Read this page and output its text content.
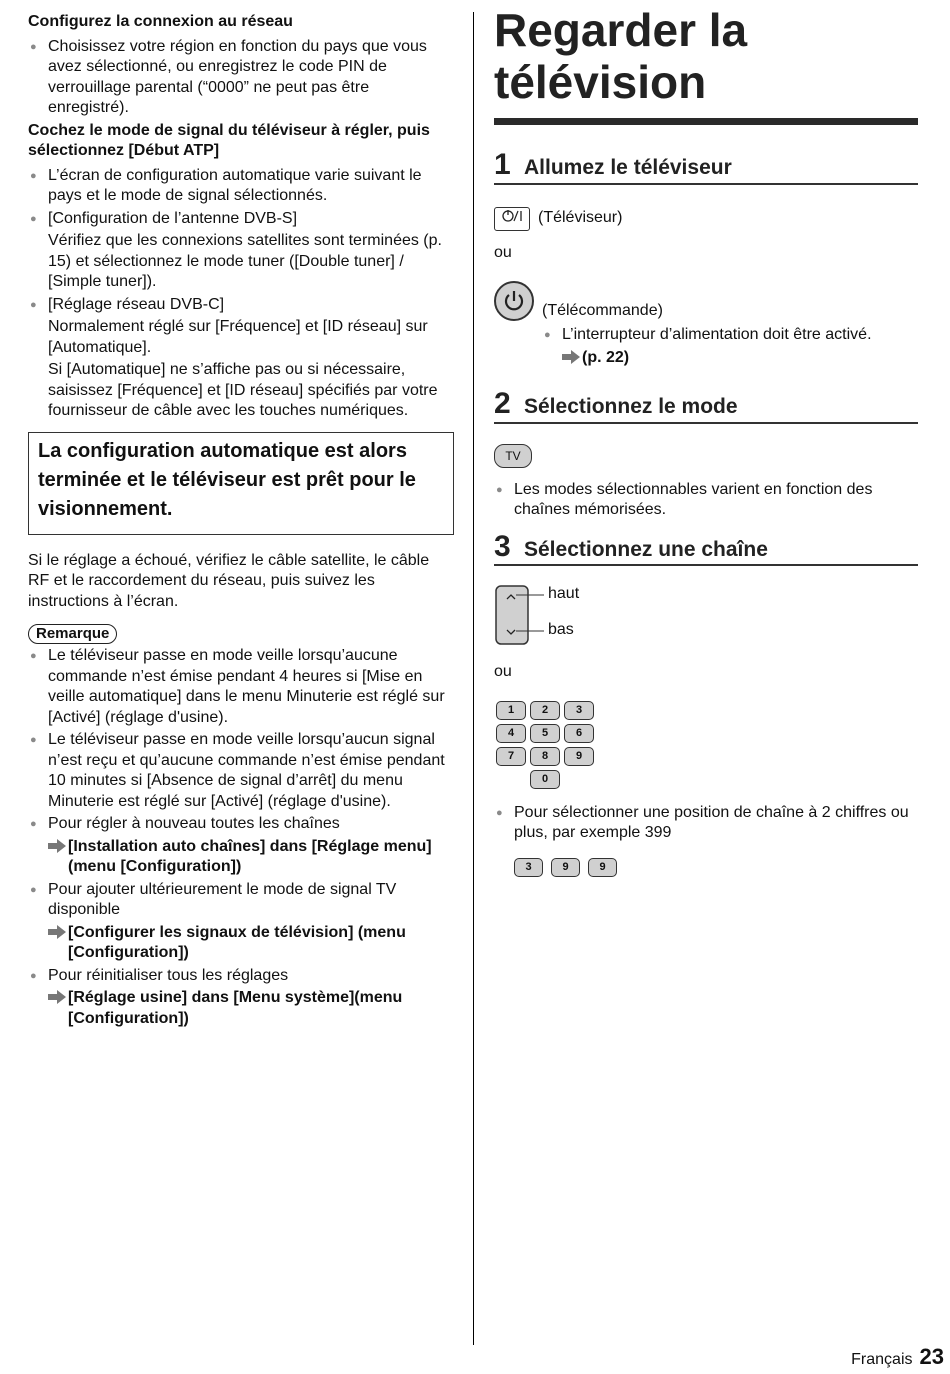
Configurez la connexion au réseau
● Choisissez votre région en fonction du pays que vous avez sélectionné, ou enregistrez le code PIN de verrouillage parental (“0000” ne peut pas être enregistré).
Cochez le mode de signal du téléviseur à régler, puis sélectionnez [Début ATP]
● L’écran de configuration automatique varie suivant le pays et le mode de signal sélectionnés.
● [Configuration de l’antenne DVB-S]
Vérifiez que les connexions satellites sont terminées (p. 15) et sélectionnez le mode tuner ([Double tuner] / [Simple tuner]).
● [Réglage réseau DVB-C]
Normalement réglé sur [Fréquence] et [ID réseau] sur [Automatique].
Si [Automatique] ne s’affiche pas ou si nécessaire, saisissez [Fréquence] et [ID réseau] spécifiés par votre fournisseur de câble avec les touches numériques.
La configuration automatique est alors terminée et le téléviseur est prêt pour le visionnement.
Si le réglage a échoué, vérifiez le câble satellite, le câble RF et le raccordement du réseau, puis suivez les instructions à l’écran.
Remarque
● Le téléviseur passe en mode veille lorsqu’aucune commande n’est émise pendant 4 heures si [Mise en veille automatique] dans le menu Minuterie est réglé sur [Activé] (réglage d'usine).
● Le téléviseur passe en mode veille lorsqu’aucun signal n’est reçu et qu’aucune commande n’est émise pendant 10 minutes si [Absence de signal d’arrêt] du menu Minuterie est réglé sur [Activé] (réglage d'usine).
● Pour régler à nouveau toutes les chaînes
[Installation auto chaînes] dans [Réglage menu] (menu [Configuration])
● Pour ajouter ultérieurement le mode de signal TV disponible
[Configurer les signaux de télévision] (menu [Configuration])
● Pour réinitialiser tous les réglages
[Réglage usine] dans [Menu système](menu [Configuration])
Regarder la télévision
1 Allumez le téléviseur
(Téléviseur)
ou
(Télécommande)
● L’interrupteur d’alimentation doit être activé.
(p. 22)
2 Sélectionnez le mode
TV
● Les modes sélectionnables varient en fonction des chaînes mémorisées.
3 Sélectionnez une chaîne
haut
bas
ou
1	2	3
4	5	6
7	8	9
0
● Pour sélectionner une position de chaîne à 2 chiffres ou plus, par exemple 399
3	9	9
Français 23
